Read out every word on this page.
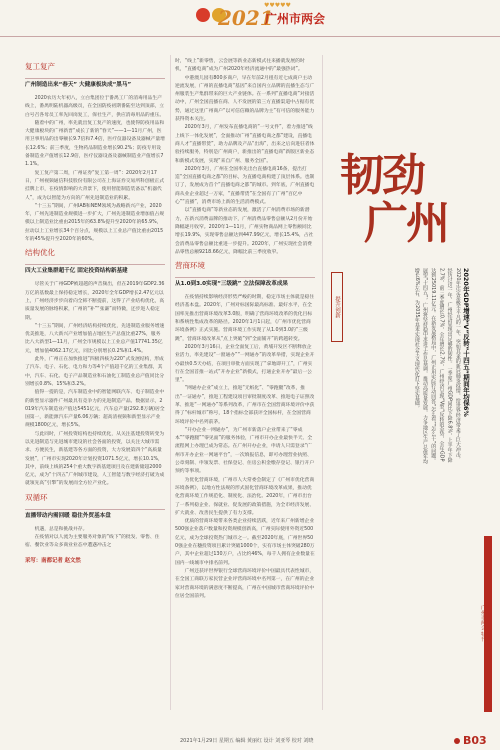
♥♥♥♥♥
2021
广州市两会
复工复产
广州制造出来“春天” 大健康板块成“黑马”

2020农历大年初八，立白集团位于番禺工厂的消毒用品生产线上，番禺明陆机器高级员，在全国防疫初期番陆至达到顶部，立白号召各母员工率先回岗复工，保社生产，供应消毒用品的重压。

随着中的广州，率先就出复工复产的速度，也使得防疫用品和大健康板块的广州新晋“成长了新的“春天”——1—11月广州，医用卫事用品的出零额长9.7倍和7.4倍，医疗仪器设备及器械产量增长12.6%；前三季度，生物药品制造业增长90.2%；防疫专用设备制造业产值增长12.9倍，医疗仪器设备及器械制造业产值增长71.1%。

复工复产第二周，广州证券“复工第一周”：2020年2月17日，广州视频通信科技股份有限公司在上海证券交易所科创板正式挂牌上市，在疫情影响的大背景下，使用智能制造装备以“机器代人”，成为以智能为方向的广州先进制造业的积累。

“十三五”期间，广州IAB和NEM领域为战略新兴产业，2020年，广州先进制造业规模进一步扩大，广州先进制造业增加值占规模以上制造业比重由2015年的63.8%提升至2020年的65.9%，拉动以上工业增长34个百分点，规模以上工业总产值比重由2015年的45%提升至2020年的60%。

结构优化
四大工业集群超千亿 固定投资结构新基建

尽管关于广州GDP被超越的声音频出，但在2019年GDP2.36万亿的基数最上保持稳定增长，2020年全年GDP增长2.47亿元以上，广州经济步步向着向全韩不断提前，这得了产业结构优化，高质量发展的脉络积累，广州的“补”“张谦”而特微，还步进人稳定期。

“十三五”期间，广州经济结构持续优化，先进制造业服务增速优美推进，八大新兴产业增加值占地区生产总值比重27%，服务比八大新型1—11月，广州全市规模以上工业总产值17741.35亿元，增加值4062.17亿元，同比分别增长0.2%和1.4%。

此外，广州正在加快推进“四极四核为220”式发展结构，形成了汽车、电子、石化、电力和力等4个产值超千亿的工业集群，其中，汽车、石化、电子产品制造业和石油化工制造业总产值同比分别增长0.8%、15%和3.2%。

值得一提的是，汽车制造业中的智能网联汽车、电子制造业中的新型显示器件广州最具有竞争力的先进制造产品。数据显示，2019年汽车制造业产值达5451亿元，汽车总产量(292.8万辆)居全国第一，新能源汽车产量6.06万辆；超高清视频和新型显示产业规模1800亿元，增长5%。

与此同时，广州投资结构也持续优化，从关注基建投资转变为以先进制造与先进城市建设的社会各面的投资，以关注大城市需求、方便民生，新基建等各方面的投资，大力发展第四个“高质量发展”，广州市实现2020年计划投资1071.5亿元，增长10.1%，其中，前线上线的254个重大数字新基建项目及在建新储超2000亿元，成为“十四五”广州城市建设，人工智能与数字经济打破为成就领先高“引擎”的发展而全方位产业化。

双循环
直播带动内需回暖 稳住外贸基本盘

机遇，总是和挑战并存。

在疫情对以人流为主要服务对象的“线下”的批发、零售、住宿、餐饮业等众多商业业态中遭遇冲击之

采写：南都记者 赵文然

时，“线上”新零售，云会展等新业态新模式往来播就发展的时机，“直播电商”成为广州2020年经济流通中的“最强热词”。

中港澳儿园有800多商户，早在年前2月租有近七成商户主动逆流发展，广州的直播电商“基因”来自国内立品牌的直播生态与广州服装生产集群带来的巨大产业链体。在一系列“直播电商”对接活动中，广州全国直播在商、人不发展的第三方直播渠道中占据有优势，通过这里广州商户“以可信信赖的品牌为主”有可信的服务能力获得资本关注。

2020年3月，广州发布直播电商的“一号文件”，着力推进“线上线下一体化发展”，全面推动广州“直播电商之都”建设，直播电商人才“直播带货”，助力品牌及产品“出海”，出来之后向进驻者体验持续服务，特别是广州商户，新推出的“直播电商”新版区新业态和新模式发展，实现“来自广州、服务全国”。

2020年3月，广州在全国率先出台直播电商16条，提出打造“全国直播电商之都”的目标，为直播电商构建了顶层体系。也制订了，发展成为首个“直播电商之都”的城市。到年底，广州直播电商从业企业超过一万家，“直播带货”在全国有了广州“百亿中心”“直播”，消费市场上新的生活消费模式。

以“直播电商”等新业态的发展，激活了广州消费市场的新潜力，在新兴消费品牌的推动下，广州消费品零售总额从2月份开始降幅逐月收窄。2020年1—11月，广州实物商品网上零售额同比增长19.9%，实现零售总额达到447.99亿元，增长15.4%，占社会消费品零售总额比重进一步提升。2020年，广州实现社会消费品零售总额9218.66亿元，降幅比前三季度收窄。

营商环境
从1.0到3.0实现“三级跳” 立法保障改革成果

在疫情持续影响经济形势严峻的时期，稳定市场主体就是稳住经济基本盘。2020年，广州对标国际最高标准、最好水平，在全国率先推出营商环境改革3.0版，明确了营商环境改革的优化目标和系统性集成改革的路径。2020年1月1日起，《广州市优化营商环境条例》正式实施。营商环境工作实现了从1.0到3.0的“三级跳”，营商环境改革从“点上突破”到“全面铺开”的跨越转变。

2020年3月16日，企业全面复工后，黄埔开发区不断释放企业活力，率先建设“一窗通办”“一网通办”的改革举措，实现企业开办最快0.5天办结，在项目审批方面实现了“拿地即开工”，广州实行在全国首推一站式“开办企业”新模式，打通企业开办“最后一公里”。

“网通办企业”成立上，推进“无纸化”、“零跑腿”改革，推出“一证通办”，推进工程建设项目审批制度改革、推进电子证照改革、推进“一网通办”等系列改革，广州市在全国营商环境评价中获得了“标杆城市”称号，18个指标全部获评全国标杆，在全国营商环境评价中名列前茅。

“开办企业一网通办”，为广州市新落户企业带来了“零成本”“零跑腿”“零见面”的服务体验，广州市开办企业最快半天、全流程网上办理已成为常态。在广州开办企业，申请人只需登录“广州市开办企业一网通平台”，一次填报信息，即可办理营业执照、公章刻制、申领发票、社保登记、住房公积金缴存登记、银行开户预约等事项。

为优化营商环境，广州市人大常委会制定了《广州市优化营商环境条例》，以地方性法规的形式固化营商环境改革成果，推动优化营商环境工作规范化、制度化、法治化。2020年，广州市出台了一系列稳企业、保就业、促发展的政策措施，为全市经济发展、扩大就业、改善民生提供了有力支撑。

优质的营商环境带来各类企业持续活跃，近年来广州新增企业500强企业落户数量和投资规模创新高，广州实际使用外资近500亿元，成为全球投资热门城市之一。截至2020年底，广州世界500强企业在穗投资项目累计突破1000个，实有市场主体突破280万户，其中企业超过130万户，占比约46%，每千人拥有企业数量在国内一线城市中排名前列。

广州还获评世界银行全球营商环境评价中国最具代表性城市，在全国工商联万家民营企业评营商环境中名列第一，在广州的企业家对营商环境的满意度不断提高，广州在中国城市营商环境评价中位居全国前列。

韧劲
广州
提升创新	2020年GDP增速“V”反转”十四五”期间年均保6%
2020年注定是极不平凡的一年，突如其来的新冠肺炎疫情，给世界经济带来了巨大冲击。经历过这一年，广州经济显现出足够的韧性。一季度广州GDP同比下降6.8%，上半年下降2.7%，前三季度增长0.7%，全年增长2.7%，广州经济呈现“V型”反转的态势，全年GDP达到25019.11亿元。在新发展格局中，广州正用实际行动回答“怎么看”“怎么干”的问题。展望“十四五”，广州将坚持稳中求进工作总基调，推动高质量发展，力争地区生产总值年均增长6%左右，为2035年基本实现社会主义现代化打下坚实基础。
广州市两会 特刊
2021年1月29日 星期五 编辑 黄丽红 设计 刘亚琴 校对 刘晓	B03
